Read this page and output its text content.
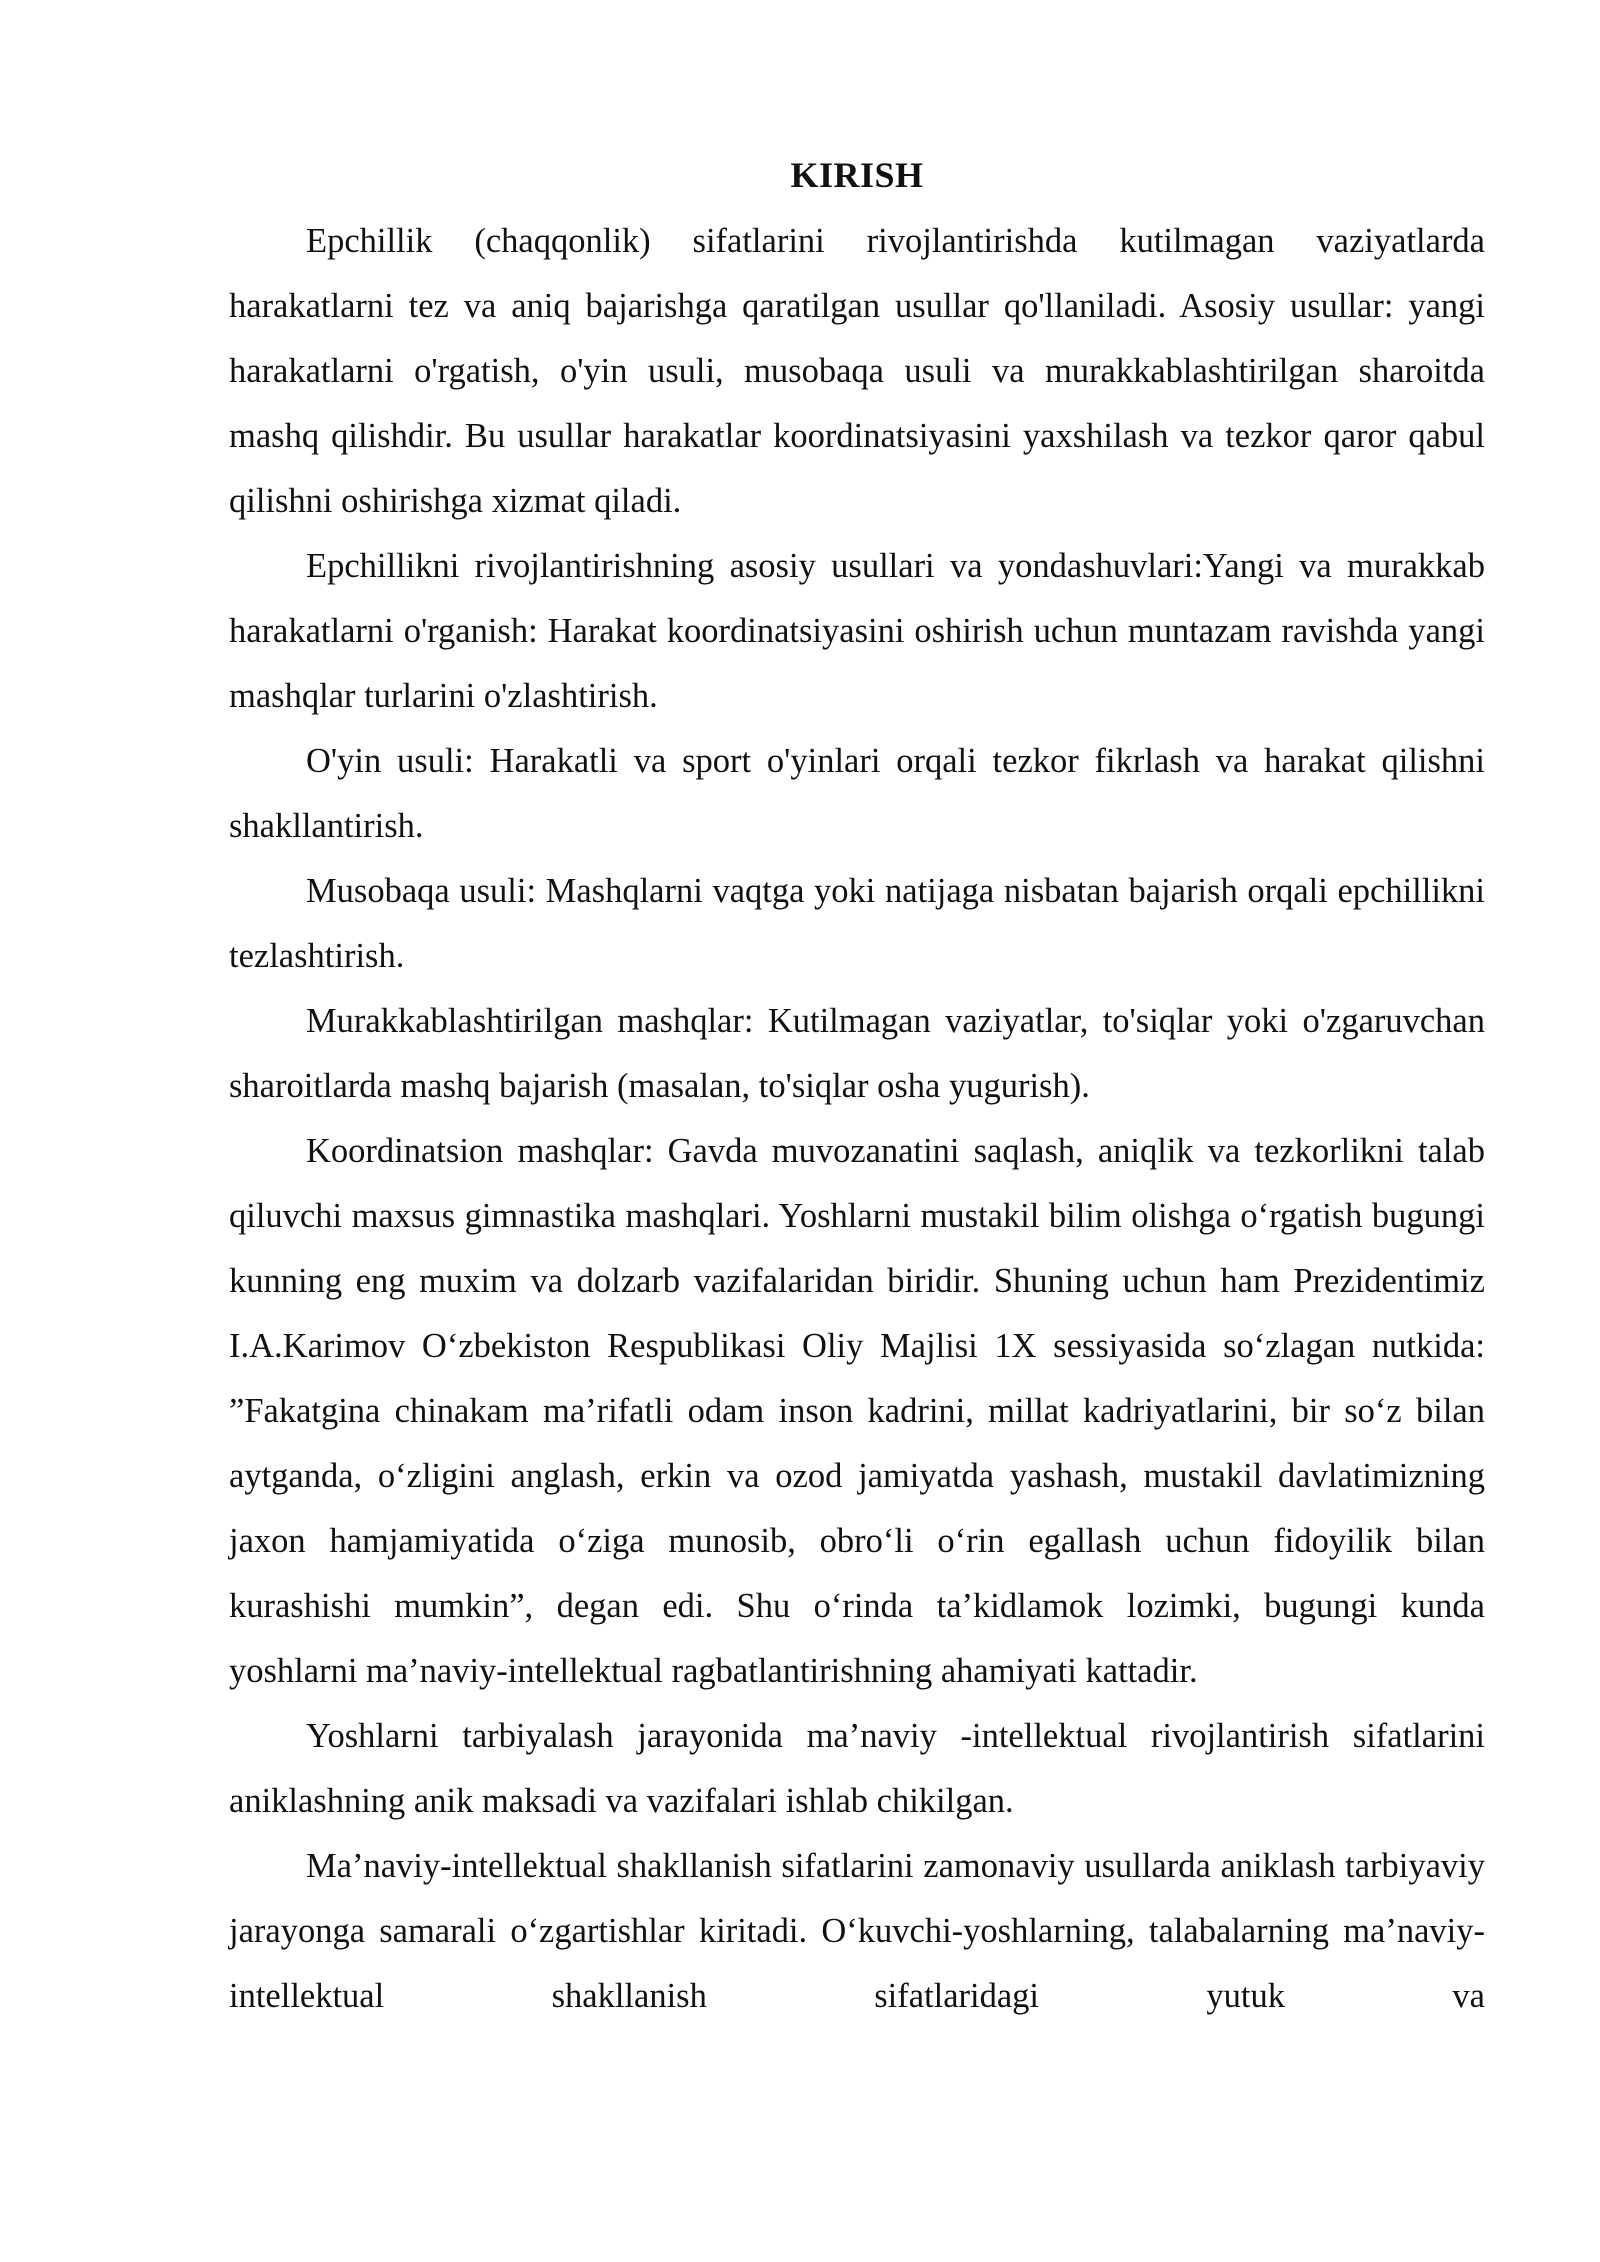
KIRISH

Epchillik (chaqqonlik) sifatlarini rivojlantirishda kutilmagan vaziyatlarda harakatlarni tez va aniq bajarishga qaratilgan usullar qo'llaniladi. Asosiy usullar: yangi harakatlarni o'rgatish, o'yin usuli, musobaqa usuli va murakkablashtirilgan sharoitda mashq qilishdir. Bu usullar harakatlar koordinatsiyasini yaxshilash va tezkor qaror qabul qilishni oshirishga xizmat qiladi.

Epchillikni rivojlantirishning asosiy usullari va yondashuvlari:Yangi va murakkab harakatlarni o'rganish: Harakat koordinatsiyasini oshirish uchun muntazam ravishda yangi mashqlar turlarini o'zlashtirish.

O'yin usuli: Harakatli va sport o'yinlari orqali tezkor fikrlash va harakat qilishni shakllantirish.

Musobaqa usuli: Mashqlarni vaqtga yoki natijaga nisbatan bajarish orqali epchillikni tezlashtirish.

Murakkablashtirilgan mashqlar: Kutilmagan vaziyatlar, to'siqlar yoki o'zgaruvchan sharoitlarda mashq bajarish (masalan, to'siqlar osha yugurish).

Koordinatsion mashqlar: Gavda muvozanatini saqlash, aniqlik va tezkorlikni talab qiluvchi maxsus gimnastika mashqlari. Yoshlarni mustakil bilim olishga o‘rgatish bugungi kunning eng muxim va dolzarb vazifalaridan biridir. Shuning uchun ham Prezidentimiz I.A.Karimov O‘zbekiston Respublikasi Oliy Majlisi 1X sessiyasida so‘zlagan nutkida: ”Fakatgina chinakam ma’rifatli odam inson kadrini, millat kadriyatlarini, bir so‘z bilan aytganda, o‘zligini anglash, erkin va ozod jamiyatda yashash, mustakil davlatimizning jaxon hamjamiyatida o‘ziga munosib, obro‘li o‘rin egallash uchun fidoyilik bilan kurashishi mumkin”, degan edi. Shu o‘rinda ta’kidlamok lozimki, bugungi kunda yoshlarni ma’naviy-intellektual ragbatlantirishning ahamiyati kattadir.

Yoshlarni tarbiyalash jarayonida ma’naviy -intellektual rivojlantirish sifatlarini aniklashning anik maksadi va vazifalari ishlab chikilgan.

Ma’naviy-intellektual shakllanish sifatlarini zamonaviy usullarda aniklash tarbiyaviy jarayonga samarali o‘zgartishlar kiritadi. O‘kuvchi-yoshlarning, talabalarning ma’naviy-intellektual shakllanish sifatlaridagi yutuk va
